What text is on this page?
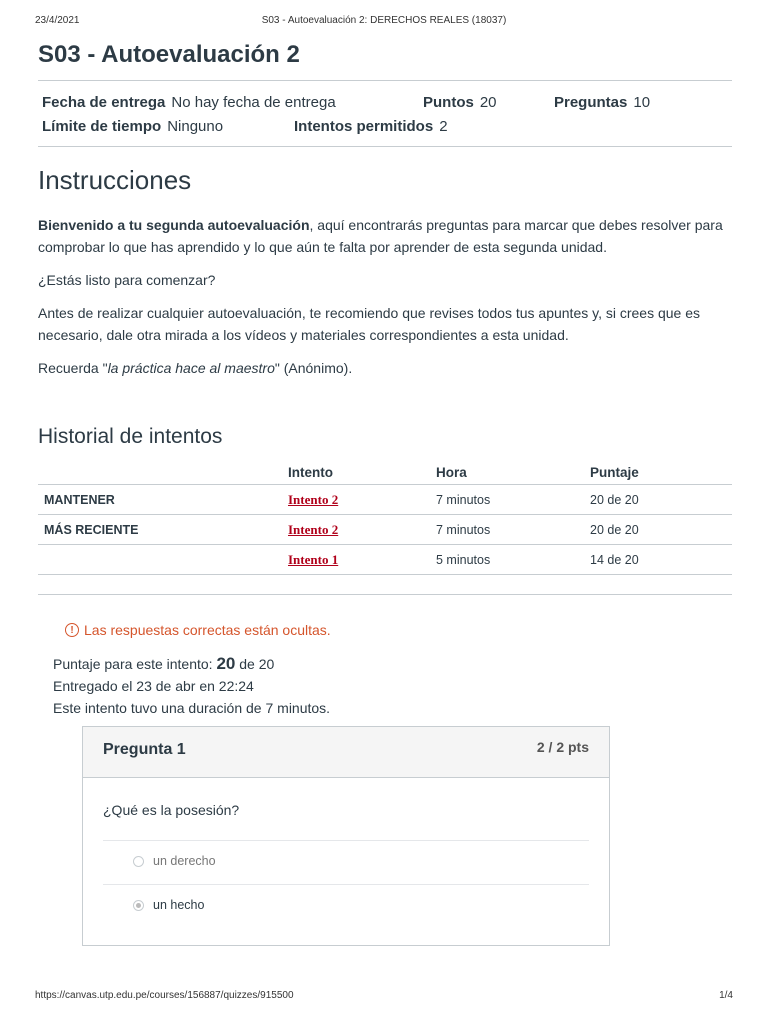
23/4/2021	S03 - Autoevaluación 2: DERECHOS REALES (18037)
S03 - Autoevaluación 2
Fecha de entrega No hay fecha de entrega	Puntos 20	Preguntas 10
Límite de tiempo Ninguno	Intentos permitidos 2
Instrucciones

Bienvenido a tu segunda autoevaluación, aquí encontrarás preguntas para marcar que debes resolver para comprobar lo que has aprendido y lo que aún te falta por aprender de esta segunda unidad.

¿Estás listo para comenzar?

Antes de realizar cualquier autoevaluación, te recomiendo que revises todos tus apuntes y, si crees que es necesario, dale otra mirada a los vídeos y materiales correspondientes a esta unidad.

Recuerda "la práctica hace al maestro" (Anónimo).

Historial de intentos
	Intento	Hora	Puntaje
MANTENER	Intento 2	7 minutos	20 de 20
MÁS RECIENTE	Intento 2	7 minutos	20 de 20
	Intento 1	5 minutos	14 de 20
! Las respuestas correctas están ocultas.
Puntaje para este intento: 20 de 20
Entregado el 23 de abr en 22:24
Este intento tuvo una duración de 7 minutos.
Pregunta 1	2 / 2 pts
¿Qué es la posesión?
un derecho
un hecho
https://canvas.utp.edu.pe/courses/156887/quizzes/915500	1/4
